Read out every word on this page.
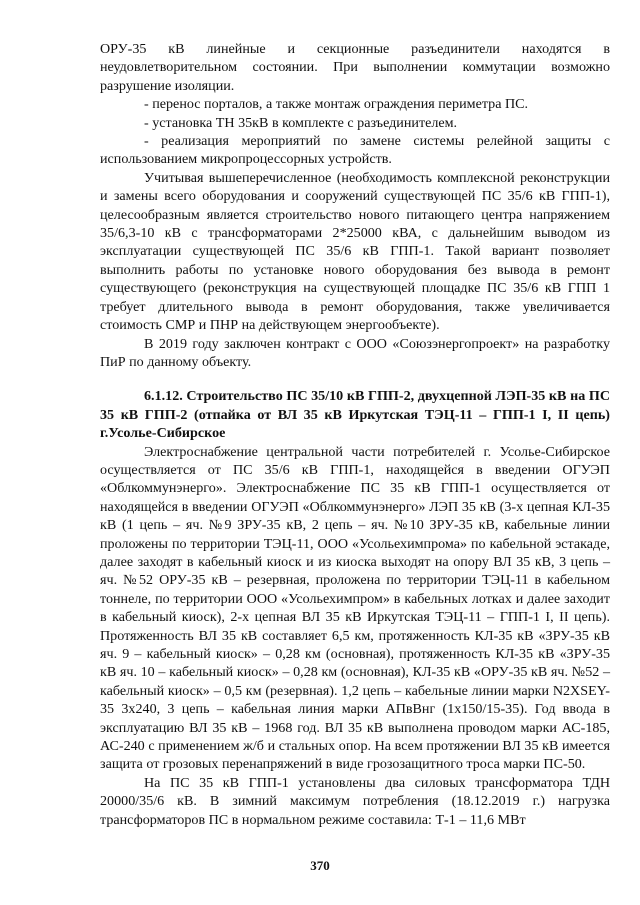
ОРУ-35 кВ линейные и секционные разъединители находятся в неудовлетворительном состоянии. При выполнении коммутации возможно разрушение изоляции.

- перенос порталов, а также монтаж ограждения периметра ПС.

- установка ТН 35кВ в комплекте с разъединителем.

- реализация мероприятий по замене системы релейной защиты с использованием микропроцессорных устройств.

Учитывая вышеперечисленное (необходимость комплексной реконструкции и замены всего оборудования и сооружений существующей ПС 35/6 кВ ГПП-1), целесообразным является строительство нового питающего центра напряжением 35/6,3-10 кВ с трансформаторами 2*25000 кВА, с дальнейшим выводом из эксплуатации существующей ПС 35/6 кВ ГПП-1. Такой вариант позволяет выполнить работы по установке нового оборудования без вывода в ремонт существующего (реконструкция на существующей площадке ПС 35/6 кВ ГПП 1 требует длительного вывода в ремонт оборудования, также увеличивается стоимость СМР и ПНР на действующем энергообъекте).

В 2019 году заключен контракт с ООО «Союзэнергопроект» на разработку ПиР по данному объекту.

6.1.12. Строительство ПС 35/10 кВ ГПП-2, двухцепной ЛЭП-35 кВ на ПС 35 кВ ГПП-2 (отпайка от ВЛ 35 кВ Иркутская ТЭЦ-11 – ГПП-1 I, II цепь) г.Усолье-Сибирское

Электроснабжение центральной части потребителей г. Усолье-Сибирское осуществляется от ПС 35/6 кВ ГПП-1, находящейся в введении ОГУЭП «Облкоммунэнерго». Электроснабжение ПС 35 кВ ГПП-1 осуществляется от находящейся в введении ОГУЭП «Облкоммунэнерго» ЛЭП 35 кВ (3-х цепная КЛ-35 кВ (1 цепь – яч. №9 ЗРУ-35 кВ, 2 цепь – яч. №10 ЗРУ-35 кВ, кабельные линии проложены по территории ТЭЦ-11, ООО «Усольехимпрома» по кабельной эстакаде, далее заходят в кабельный киоск и из киоска выходят на опору ВЛ 35 кВ, 3 цепь – яч. №52 ОРУ-35 кВ – резервная, проложена по территории ТЭЦ-11 в кабельном тоннеле, по территории ООО «Усольехимпром» в кабельных лотках и далее заходит в кабельный киоск), 2-х цепная ВЛ 35 кВ Иркутская ТЭЦ-11 – ГПП-1 I, II цепь). Протяженность ВЛ 35 кВ составляет 6,5 км, протяженность КЛ-35 кВ «ЗРУ-35 кВ яч. 9 – кабельный киоск» – 0,28 км (основная), протяженность КЛ-35 кВ «ЗРУ-35 кВ яч. 10 – кабельный киоск» – 0,28 км (основная), КЛ-35 кВ «ОРУ-35 кВ яч. №52 – кабельный киоск» – 0,5 км (резервная). 1,2 цепь – кабельные линии марки N2XSEY-35 3x240, 3 цепь – кабельная линия марки АПвВнг (1x150/15-35). Год ввода в эксплуатацию ВЛ 35 кВ – 1968 год. ВЛ 35 кВ выполнена проводом марки АС-185, АС-240 с применением ж/б и стальных опор. На всем протяжении ВЛ 35 кВ имеется защита от грозовых перенапряжений в виде грозозащитного троса марки ПС-50.

На ПС 35 кВ ГПП-1 установлены два силовых трансформатора ТДН 20000/35/6 кВ. В зимний максимум потребления (18.12.2019 г.) нагрузка трансформаторов ПС в нормальном режиме составила: Т-1 – 11,6 МВт

370
